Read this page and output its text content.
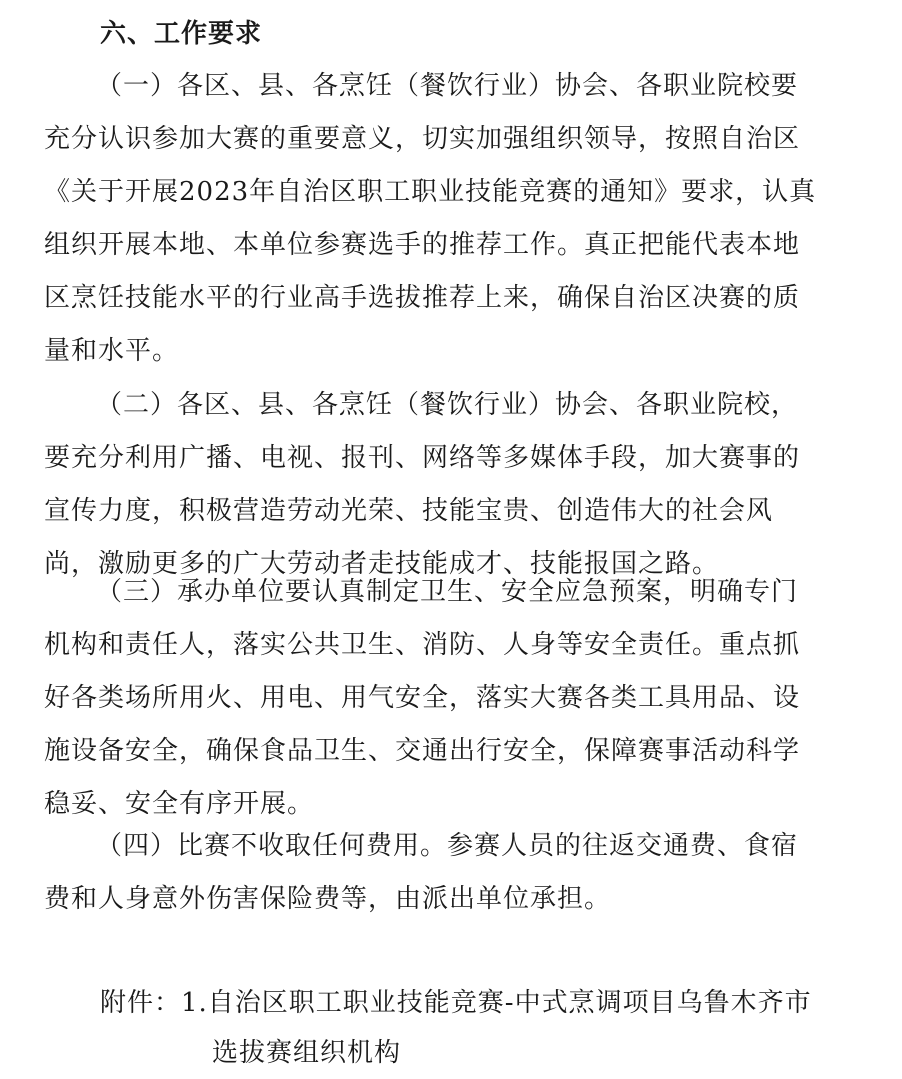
六、工作要求
（一）各区、县、各烹饪（餐饮行业）协会、各职业院校要
充分认识参加大赛的重要意义，切实加强组织领导，按照自治区
《关于开展2023年自治区职工职业技能竞赛的通知》要求，认真
组织开展本地、本单位参赛选手的推荐工作。真正把能代表本地
区烹饪技能水平的行业高手选拔推荐上来，确保自治区决赛的质
量和水平。
（二）各区、县、各烹饪（餐饮行业）协会、各职业院校，
要充分利用广播、电视、报刊、网络等多媒体手段，加大赛事的
宣传力度，积极营造劳动光荣、技能宝贵、创造伟大的社会风
尚，激励更多的广大劳动者走技能成才、技能报国之路。
（三）承办单位要认真制定卫生、安全应急预案，明确专门
机构和责任人，落实公共卫生、消防、人身等安全责任。重点抓
好各类场所用火、用电、用气安全，落实大赛各类工具用品、设
施设备安全，确保食品卫生、交通出行安全，保障赛事活动科学
稳妥、安全有序开展。
（四）比赛不收取任何费用。参赛人员的往返交通费、食宿
费和人身意外伤害保险费等，由派出单位承担。
附件：1.自治区职工职业技能竞赛-中式烹调项目乌鲁木齐市
选拔赛组织机构
